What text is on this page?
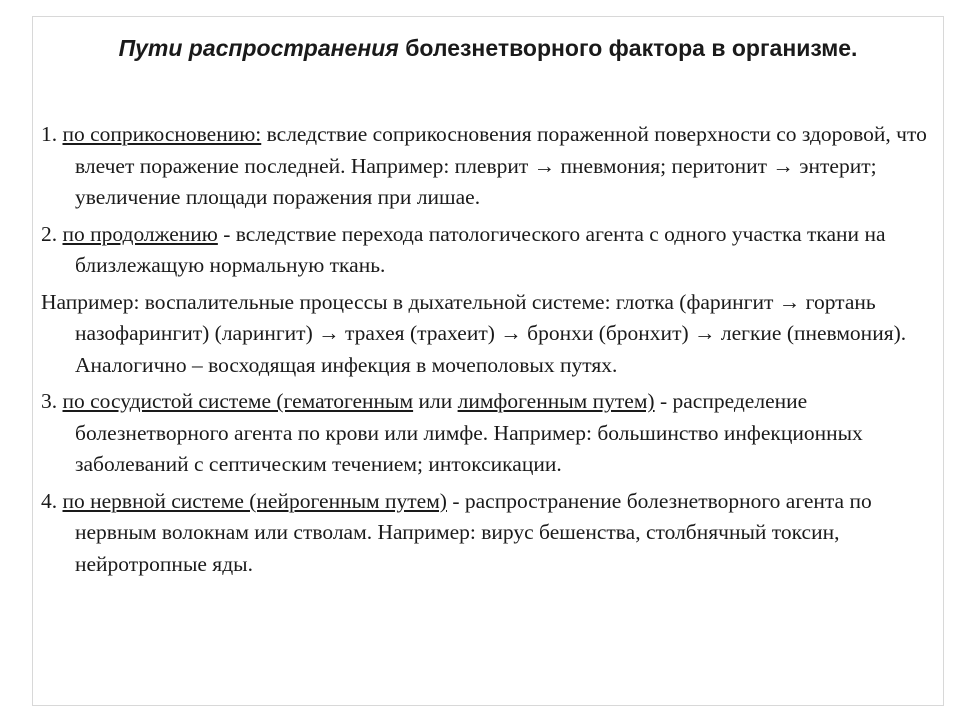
Пути распространения болезнетворного фактора в организме.
1. по соприкосновению: вследствие соприкосновения пораженной поверхности со здоровой, что влечет поражение последней. Например: плеврит → пневмония; перитонит → энтерит; увеличение площади поражения при лишае.
2. по продолжению - вследствие перехода патологического агента с одного участка ткани на близлежащую нормальную ткань.
Например: воспалительные процессы в дыхательной системе: глотка (фарингит → гортань назофарингит) (ларингит) → трахея (трахеит) → бронхи (бронхит) → легкие (пневмония). Аналогично – восходящая инфекция в мочеполовых путях.
3. по сосудистой системе (гематогенным или лимфогенным путем) - распределение болезнетворного агента по крови или лимфе. Например: большинство инфекционных заболеваний с септическим течением; интоксикации.
4. по нервной системе (нейрогенным путем) - распространение болезнетворного агента по нервным волокнам или стволам. Например: вирус бешенства, столбнячный токсин, нейротропные яды.
